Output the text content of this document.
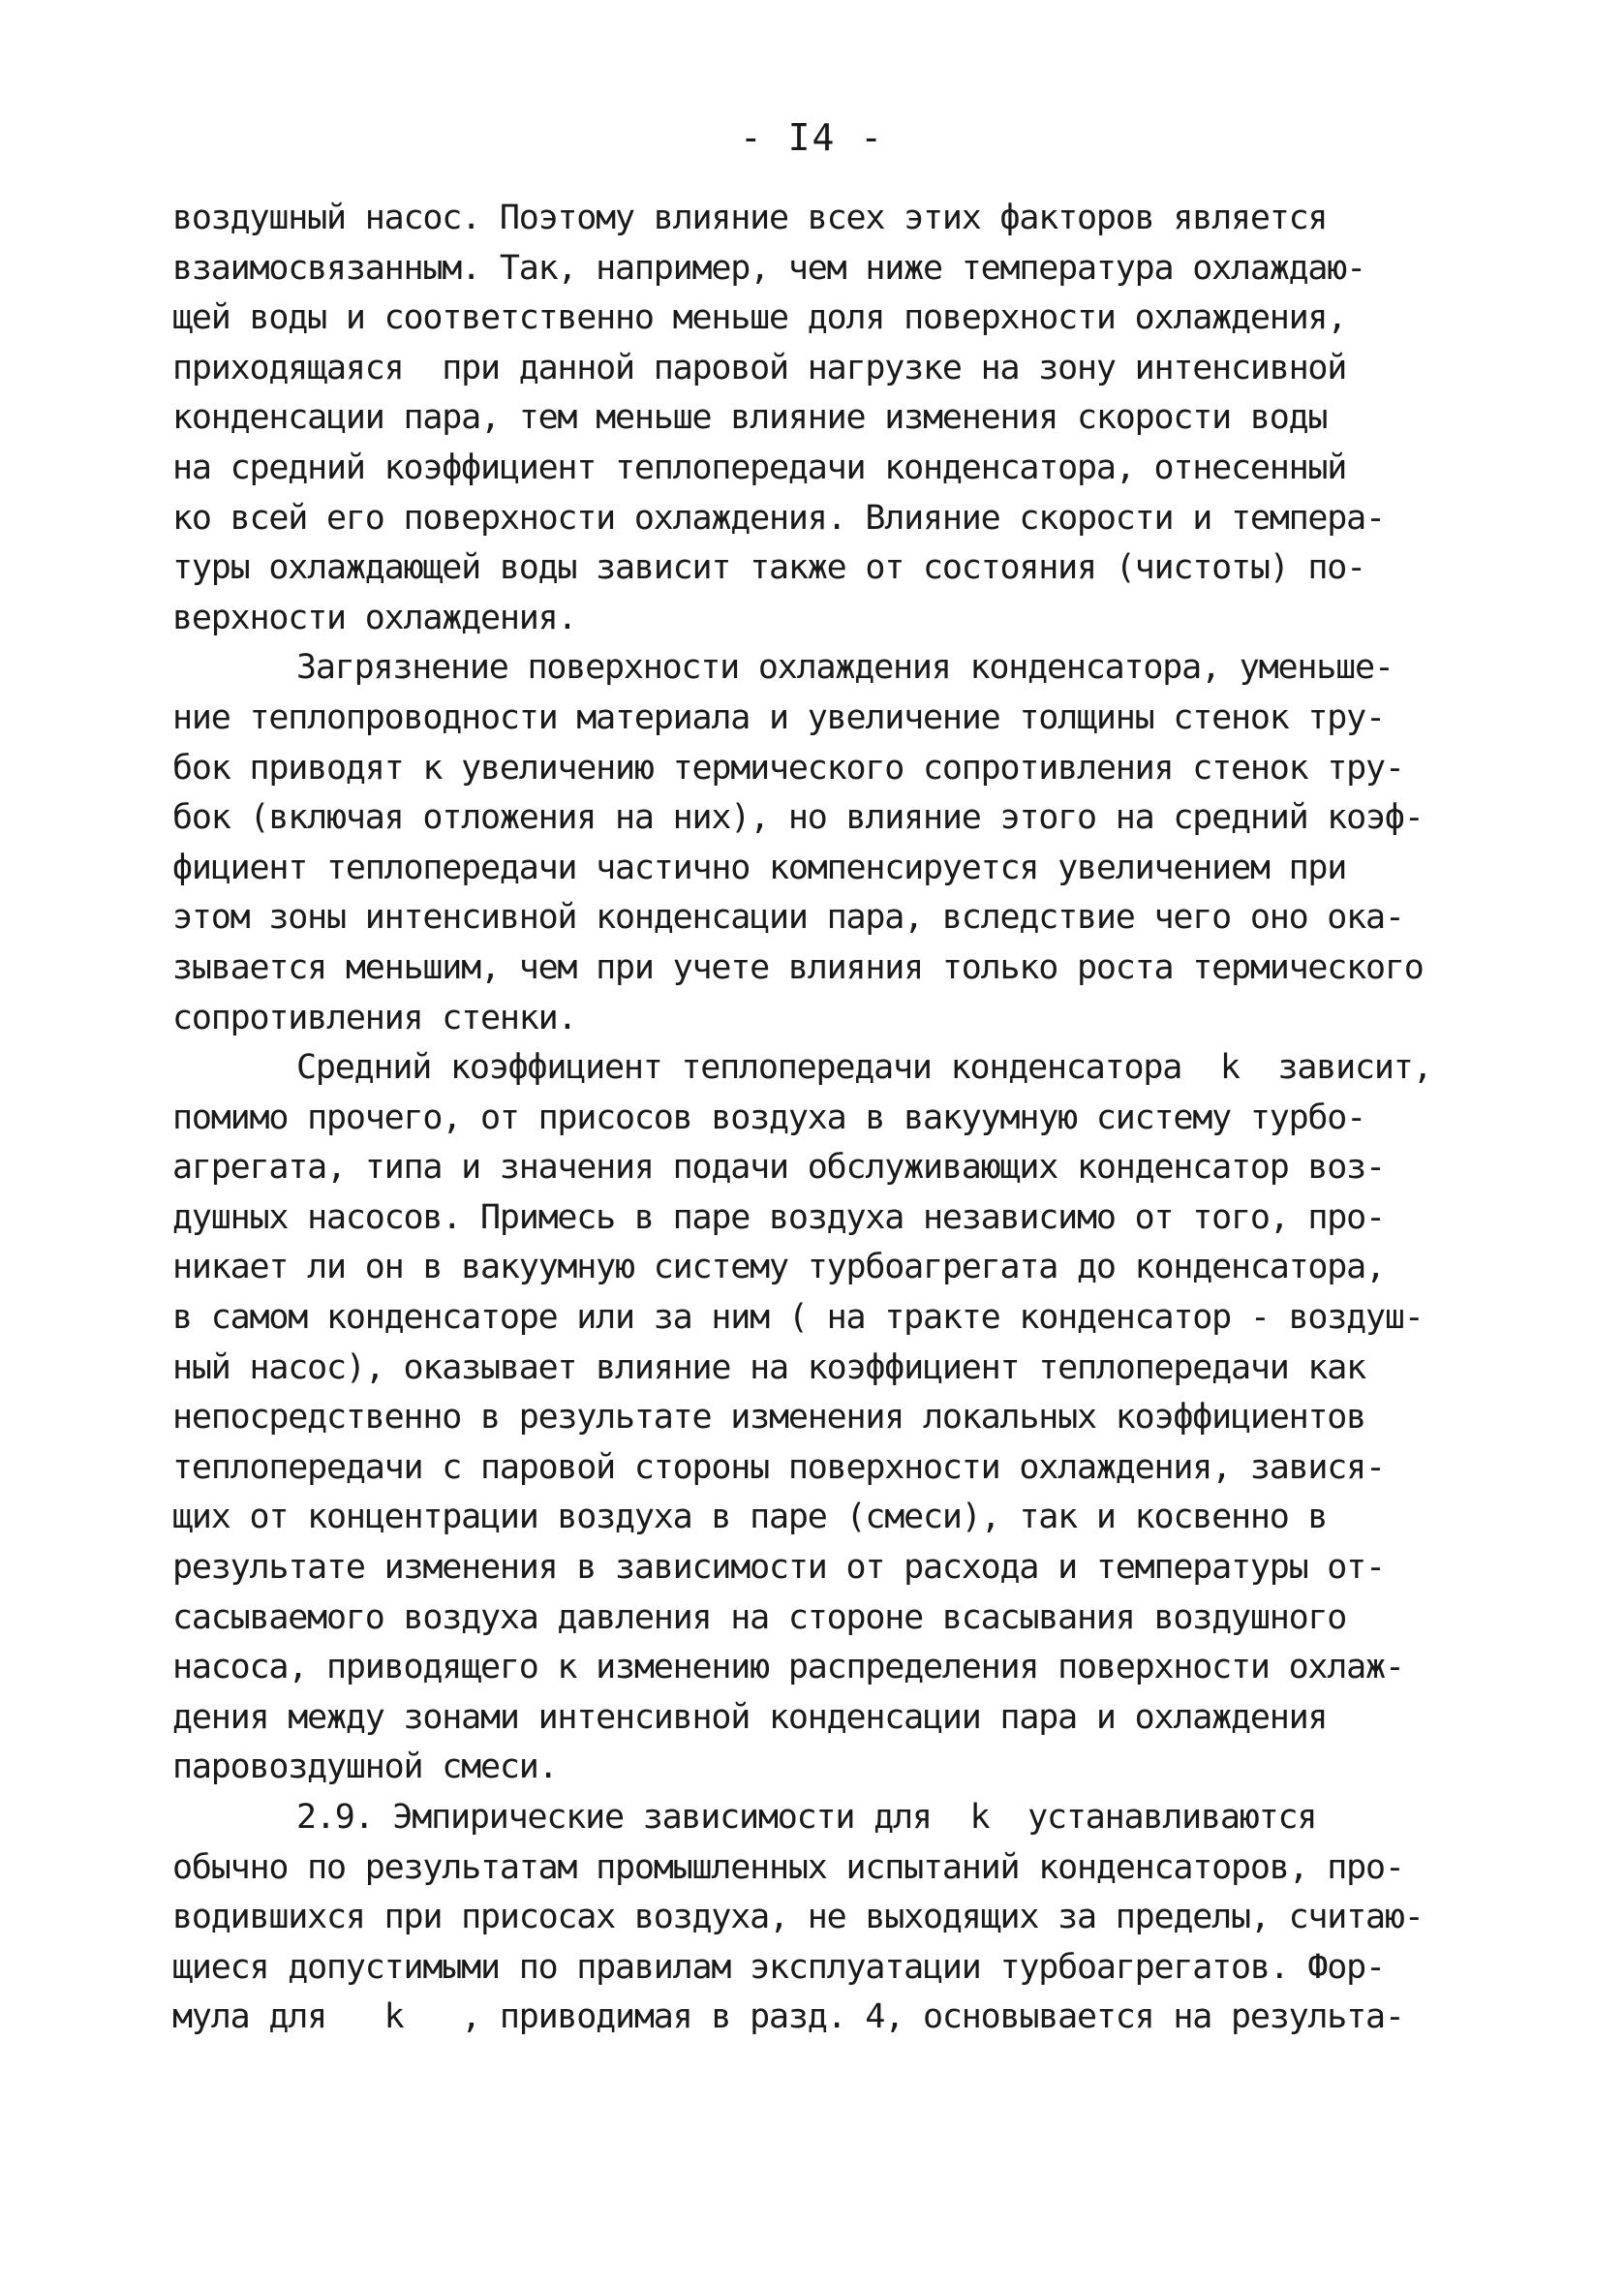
- I4 -
воздушный насос. Поэтому влияние всех этих факторов является
взаимосвязанным. Так, например, чем ниже температура охлаждаю-
щей воды и соответственно меньше доля поверхности охлаждения,
приходящаяся  при данной паровой нагрузке на зону интенсивной
конденсации пара, тем меньше влияние изменения скорости воды
на средний коэффициент теплопередачи конденсатора, отнесенный
ко всей его поверхности охлаждения. Влияние скорости и темпера-
туры охлаждающей воды зависит также от состояния (чистоты) по-
верхности охлаждения.
Загрязнение поверхности охлаждения конденсатора, уменьше-
ние теплопроводности материала и увеличение толщины стенок тру-
бок приводят к увеличению термического сопротивления стенок тру-
бок (включая отложения на них), но влияние этого на средний коэф-
фициент теплопередачи частично компенсируется увеличением при
этом зоны интенсивной конденсации пара, вследствие чего оно ока-
зывается меньшим, чем при учете влияния только роста термического
сопротивления стенки.
Средний коэффициент теплопередачи конденсатора  k  зависит,
помимо прочего, от присосов воздуха в вакуумную систему турбо-
агрегата, типа и значения подачи обслуживающих конденсатор воз-
душных насосов. Примесь в паре воздуха независимо от того, про-
никает ли он в вакуумную систему турбоагрегата до конденсатора,
в самом конденсаторе или за ним ( на тракте конденсатор - воздуш-
ный насос), оказывает влияние на коэффициент теплопередачи как
непосредственно в результате изменения локальных коэффициентов
теплопередачи с паровой стороны поверхности охлаждения, завися-
щих от концентрации воздуха в паре (смеси), так и косвенно в
результате изменения в зависимости от расхода и температуры от-
сасываемого воздуха давления на стороне всасывания воздушного
насоса, приводящего к изменению распределения поверхности охлаж-
дения между зонами интенсивной конденсации пара и охлаждения
паровоздушной смеси.
2.9. Эмпирические зависимости для  k  устанавливаются
обычно по результатам промышленных испытаний конденсаторов, про-
водившихся при присосах воздуха, не выходящих за пределы, считаю-
щиеся допустимыми по правилам эксплуатации турбоагрегатов. Фор-
мула для   k   , приводимая в разд. 4, основывается на результа-
